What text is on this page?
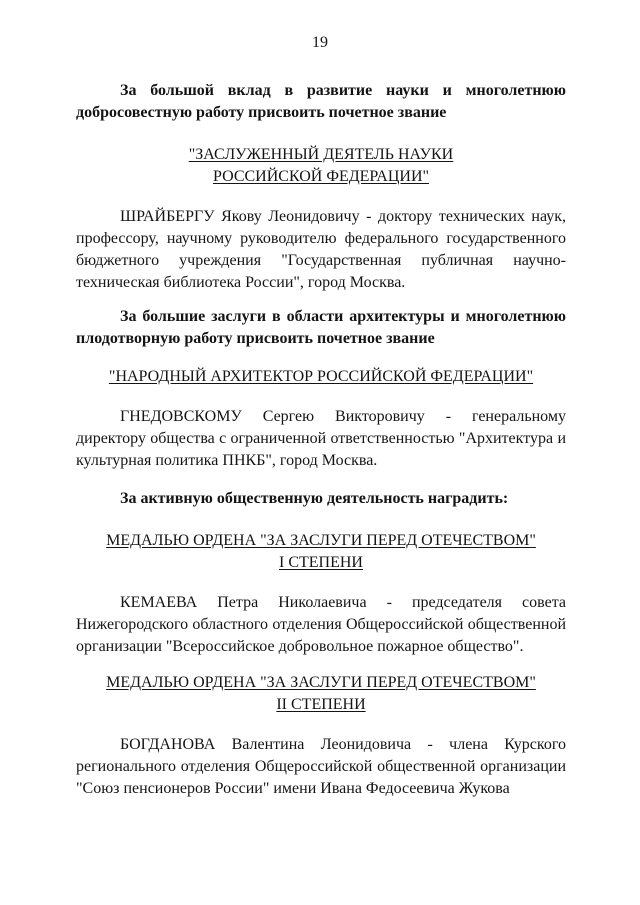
19
За большой вклад в развитие науки и многолетнюю добросовестную работу присвоить почетное звание
"ЗАСЛУЖЕННЫЙ ДЕЯТЕЛЬ НАУКИ
РОССИЙСКОЙ ФЕДЕРАЦИИ"
ШРАЙБЕРГУ Якову Леонидовичу - доктору технических наук, профессору, научному руководителю федерального государственного бюджетного учреждения "Государственная публичная научно-техническая библиотека России", город Москва.
За большие заслуги в области архитектуры и многолетнюю плодотворную работу присвоить почетное звание
"НАРОДНЫЙ АРХИТЕКТОР РОССИЙСКОЙ ФЕДЕРАЦИИ"
ГНЕДОВСКОМУ Сергею Викторовичу - генеральному директору общества с ограниченной ответственностью "Архитектура и культурная политика ПНКБ", город Москва.
За активную общественную деятельность наградить:
МЕДАЛЬЮ ОРДЕНА "ЗА ЗАСЛУГИ ПЕРЕД ОТЕЧЕСТВОМ"
I СТЕПЕНИ
КЕМАЕВА Петра Николаевича - председателя совета Нижегородского областного отделения Общероссийской общественной организации "Всероссийское добровольное пожарное общество".
МЕДАЛЬЮ ОРДЕНА "ЗА ЗАСЛУГИ ПЕРЕД ОТЕЧЕСТВОМ"
II СТЕПЕНИ
БОГДАНОВА Валентина Леонидовича - члена Курского регионального отделения Общероссийской общественной организации "Союз пенсионеров России" имени Ивана Федосеевича Жукова
